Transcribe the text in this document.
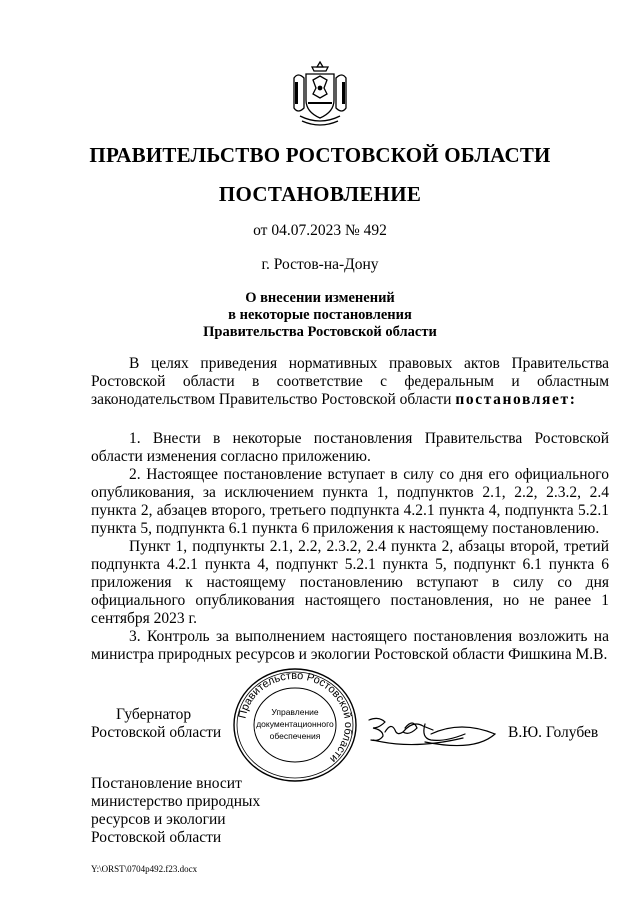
ПРАВИТЕЛЬСТВО РОСТОВСКОЙ ОБЛАСТИ
ПОСТАНОВЛЕНИЕ
от 04.07.2023 № 492
г. Ростов-на-Дону
О внесении изменений
в некоторые постановления
Правительства Ростовской области

В целях приведения нормативных правовых актов Правительства Ростовской области в соответствие с федеральным и областным законодательством Правительство Ростовской области постановляет:

1. Внести в некоторые постановления Правительства Ростовской области изменения согласно приложению.

2. Настоящее постановление вступает в силу со дня его официального опубликования, за исключением пункта 1, подпунктов 2.1, 2.2, 2.3.2, 2.4 пункта 2, абзацев второго, третьего подпункта 4.2.1 пункта 4, подпункта 5.2.1 пункта 5, подпункта 6.1 пункта 6 приложения к настоящему постановлению.

Пункт 1, подпункты 2.1, 2.2, 2.3.2, 2.4 пункта 2, абзацы второй, третий подпункта 4.2.1 пункта 4, подпункт 5.2.1 пункта 5, подпункт 6.1 пункта 6 приложения к настоящему постановлению вступают в силу со дня официального опубликования настоящего постановления, но не ранее 1 сентября 2023 г.

3. Контроль за выполнением настоящего постановления возложить на министра природных ресурсов и экологии Ростовской области Фишкина М.В.

Губернатор
Ростовской области
Правительство Ростовской области
Управление
документационного
обеспечения	В.Ю. Голубев
Постановление вносит
министерство природных
ресурсов и экологии
Ростовской области
Y:\ORST\0704p492.f23.docx
